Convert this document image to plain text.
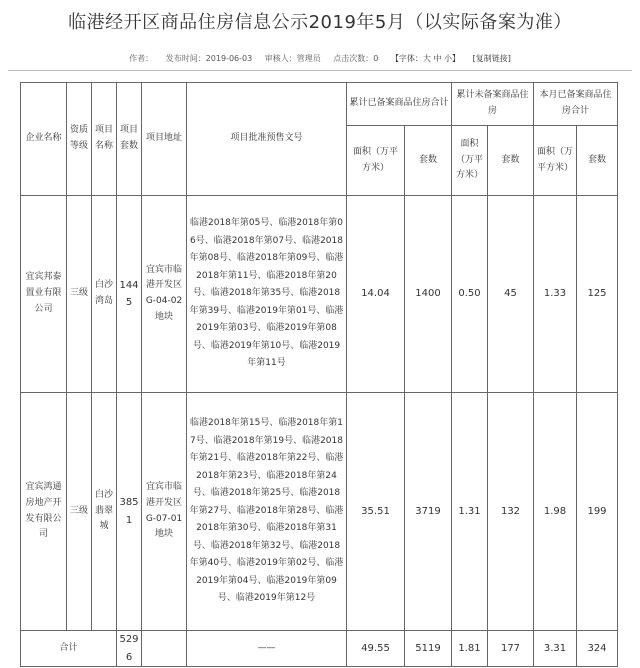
临港经开区商品住房信息公示2019年5月（以实际备案为准）
作者： 发布时间：2019-06-03 审核人：管理员 点击次数：0 【字体：大 中 小】 [复制链接]
企业名称	资质等级	项目名称	项目套数	项目地址	项目批准预售文号	累计已备案商品住房合计		累计未备案商品住房		本月已备案商品住房合计	
						面积（万平方米）	套数	面积（万平方米）	套数	面积（万平方米）	套数
宜宾邦泰置业有限公司	三级	白沙湾岛	1445	宜宾市临港开发区G-04-02地块	临港2018年第05号、临港2018年第06号、临港2018年第07号、临港2018年第08号、临港2018年第09号、临港2018年第11号、临港2018年第20号、临港2018年第35号、临港2018年第39号、临港2019年第01号、临港2019年第03号、临港2019年第08号、临港2019年第10号、临港2019年第11号	14.04	1400	0.50	45	1.33	125
宜宾鸿通房地产开发有限公司	三级	白沙翡翠城	3851	宜宾市临港开发区G-07-01地块	临港2018年第15号、临港2018年第17号、临港2018年第19号、临港2018年第21号、临港2018年第22号、临港2018年第23号、临港2018年第24号、临港2018年第25号、临港2018年第27号、临港2018年第28号、临港2018年第30号、临港2018年第31号、临港2018年第32号、临港2018年第40号、临港2019年第02号、临港2019年第04号、临港2019年第09号、临港2019年第12号	35.51	3719	1.31	132	1.98	199
合计			5296		——	49.55	5119	1.81	177	3.31	324
